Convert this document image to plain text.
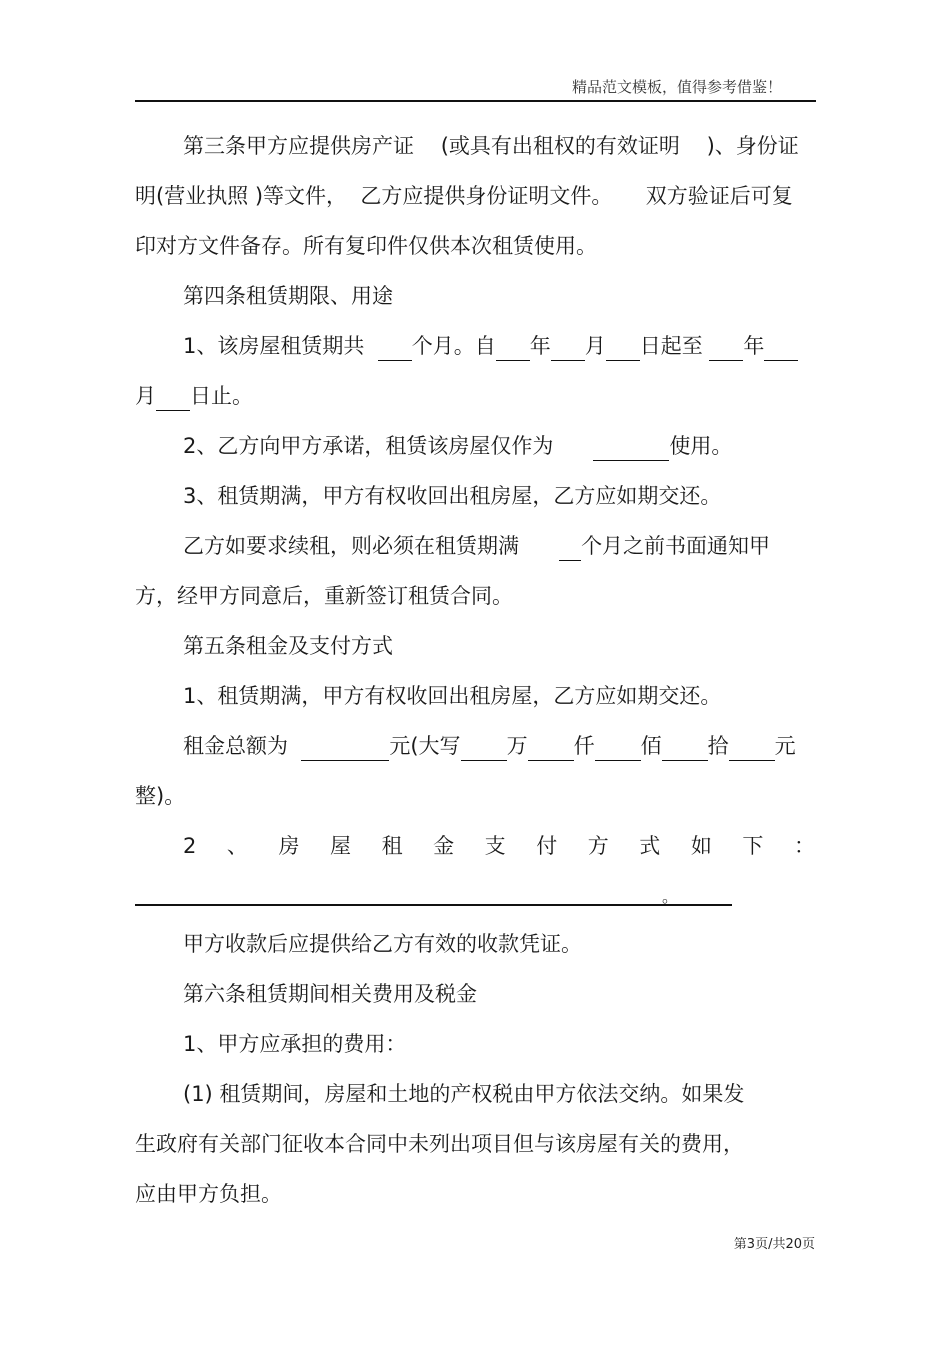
精品范文模板，值得参考借鉴！
第三条甲方应提供房产证    (或具有出租权的有效证明    )、身份证
明(营业执照 )等文件，  乙方应提供身份证明文件。     双方验证后可复
印对方文件备存。所有复印件仅供本次租赁使用。
第四条租赁期限、用途
1、该房屋租赁期共  个月。自 年 月 日起至 年
月 日止。
2、乙方向甲方承诺，租赁该房屋仅作为	使用。
3、租赁期满，甲方有权收回出租房屋，乙方应如期交还。
乙方如要求续租，则必须在租赁期满      个月之前书面通知甲
方，经甲方同意后，重新签订租赁合同。
第五条租金及支付方式
1、租赁期满，甲方有权收回出租房屋，乙方应如期交还。
租金总额为	元(大写 万 仟 佰 拾 元
整)。
2 、 房 屋 租 金 支 付 方 式 如 下 ：
。
甲方收款后应提供给乙方有效的收款凭证。
第六条租赁期间相关费用及税金
1、甲方应承担的费用：
(1) 租赁期间，房屋和土地的产权税由甲方依法交纳。如果发
生政府有关部门征收本合同中未列出项目但与该房屋有关的费用，
应由甲方负担。
第3页/共20页
